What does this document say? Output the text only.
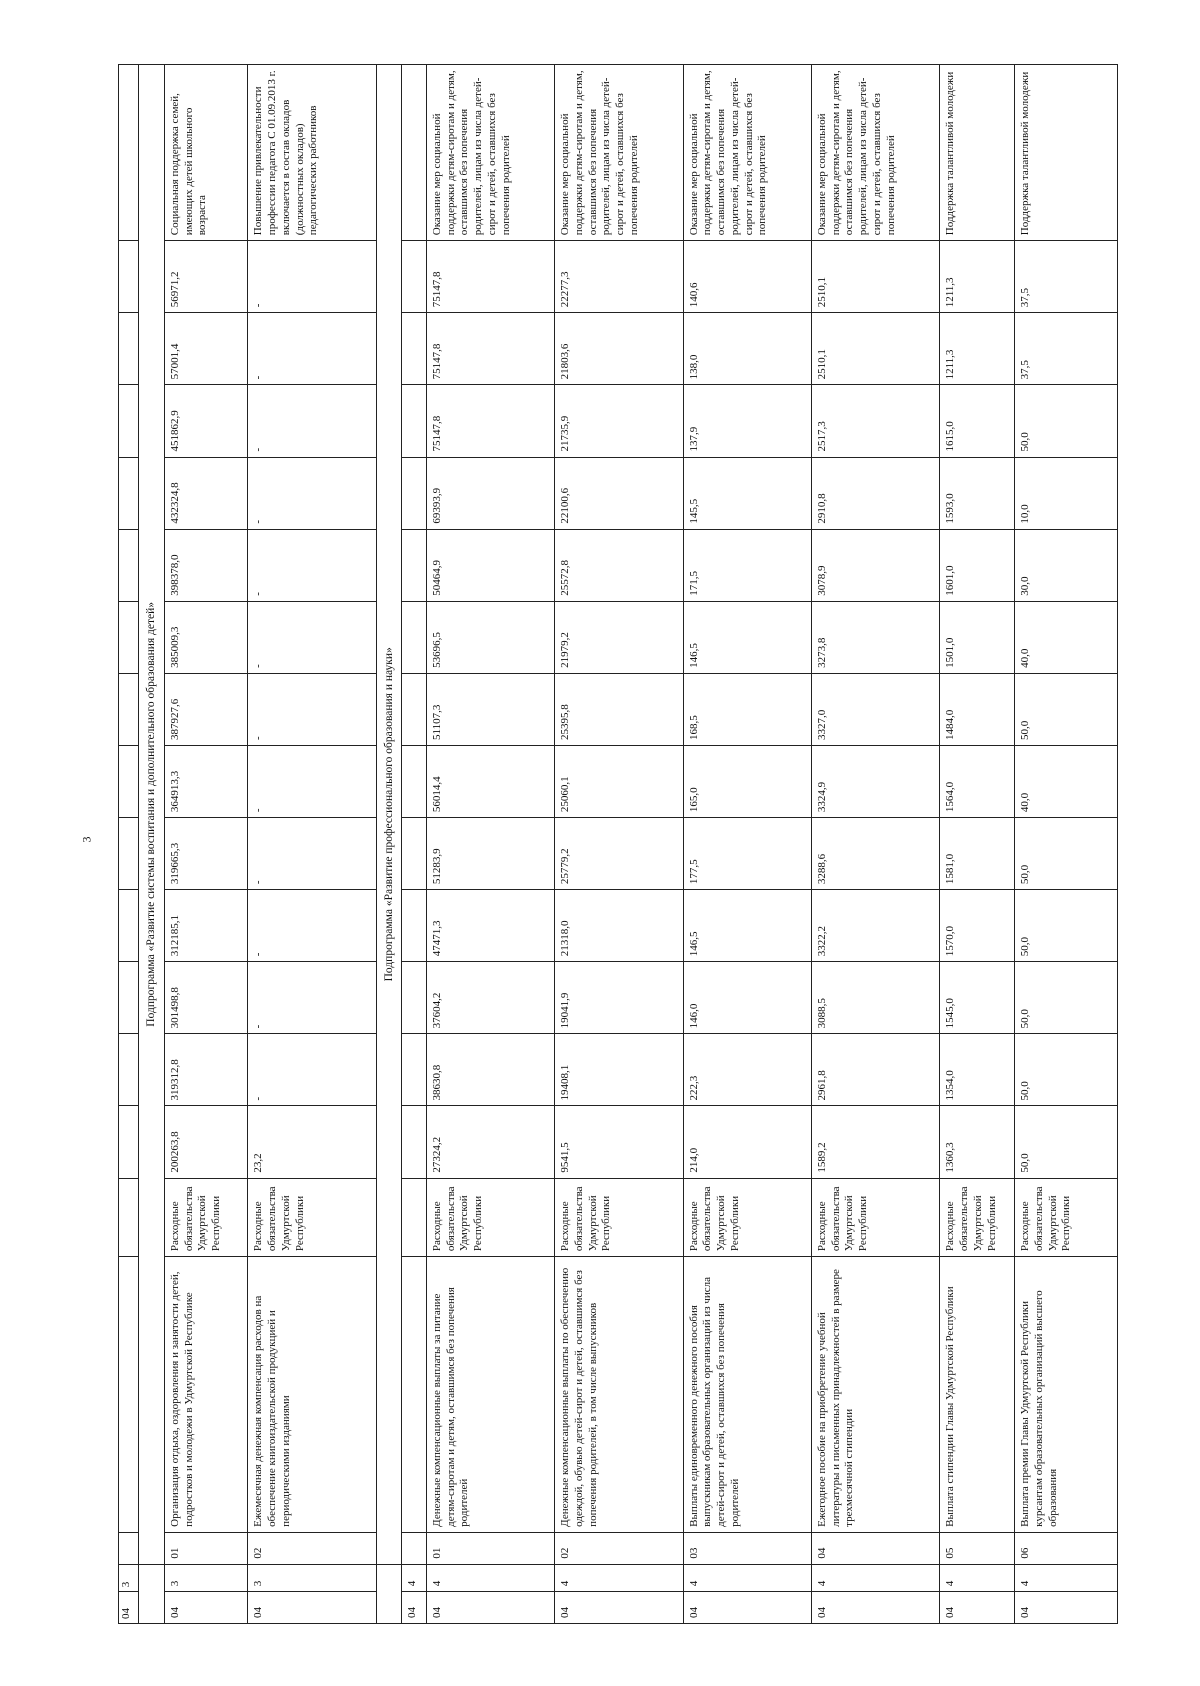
3
04	3																	
		Подпрограмма «Развитие системы воспитания и дополнительного образования детей»																
04	3	01	Организация отдыха, оздоровления и занятости детей, подростков и молодежи в Удмуртской Республике	Расходные обязательства Удмуртской Республики	200263,8	319312,8	301498,8	312185,1	319665,3	364913,3	387927,6	385009,3	398378,0	432324,8	451862,9	57001,4	56971,2	Социальная поддержка семей, имеющих детей школьного возраста
04	3	02	Ежемесячная денежная компенсация расходов на обеспечение книгоиздательской продукцией и периодическими изданиями	Расходные обязательства Удмуртской Республики	23,2	-	-	-	-	-	-	-	-	-	-	-	-	Повышение привлекательности профессии педагога С 01.09.2013 г. включается в состав окладов (должностных окладов) педагогических работников
		Подпрограмма «Развитие профессионального образования и науки»																
04	4																	
04	4	01	Денежные компенсационные выплаты за питание детям-сиротам и детям, оставшимся без попечения родителей	Расходные обязательства Удмуртской Республики	27324,2	38630,8	37604,2	47471,3	51283,9	56014,4	51107,3	53696,5	50464,9	69393,9	75147,8	75147,8	75147,8	Оказание мер социальной поддержки детям-сиротам и детям, оставшимся без попечения родителей, лицам из числа детей-сирот и детей, оставшихся без попечения родителей
04	4	02	Денежные компенсационные выплаты по обеспечению одеждой, обувью детей-сирот и детей, оставшимся без попечения родителей, в том числе выпускников	Расходные обязательства Удмуртской Республики	9541,5	19408,1	19041,9	21318,0	25779,2	25060,1	25395,8	21979,2	25572,8	22100,6	21735,9	21803,6	22277,3	Оказание мер социальной поддержки детям-сиротам и детям, оставшимся без попечения родителей, лицам из числа детей-сирот и детей, оставшихся без попечения родителей
04	4	03	Выплаты единовременного денежного пособия выпускникам образовательных организаций из числа детей-сирот и детей, оставшихся без попечения родителей	Расходные обязательства Удмуртской Республики	214,0	222,3	146,0	146,5	177,5	165,0	168,5	146,5	171,5	145,5	137,9	138,0	140,6	Оказание мер социальной поддержки детям-сиротам и детям, оставшимся без попечения родителей, лицам из числа детей-сирот и детей, оставшихся без попечения родителей
04	4	04	Ежегодное пособие на приобретение учебной литературы и письменных принадлежностей в размере трехмесячной стипендии	Расходные обязательства Удмуртской Республики	1589,2	2961,8	3088,5	3322,2	3288,6	3324,9	3327,0	3273,8	3078,9	2910,8	2517,3	2510,1	2510,1	Оказание мер социальной поддержки детям-сиротам и детям, оставшимся без попечения родителей, лицам из числа детей-сирот и детей, оставшихся без попечения родителей
04	4	05	Выплата стипендии Главы Удмуртской Республики	Расходные обязательства Удмуртской Республики	1360,3	1354,0	1545,0	1570,0	1581,0	1564,0	1484,0	1501,0	1601,0	1593,0	1615,0	1211,3	1211,3	Поддержка талантливой молодежи
04	4	06	Выплата премии Главы Удмуртской Республики курсантам образовательных организаций высшего образования	Расходные обязательства Удмуртской Республики	50,0	50,0	50,0	50,0	50,0	40,0	50,0	40,0	30,0	10,0	50,0	37,5	37,5	Поддержка талантливой молодежи
